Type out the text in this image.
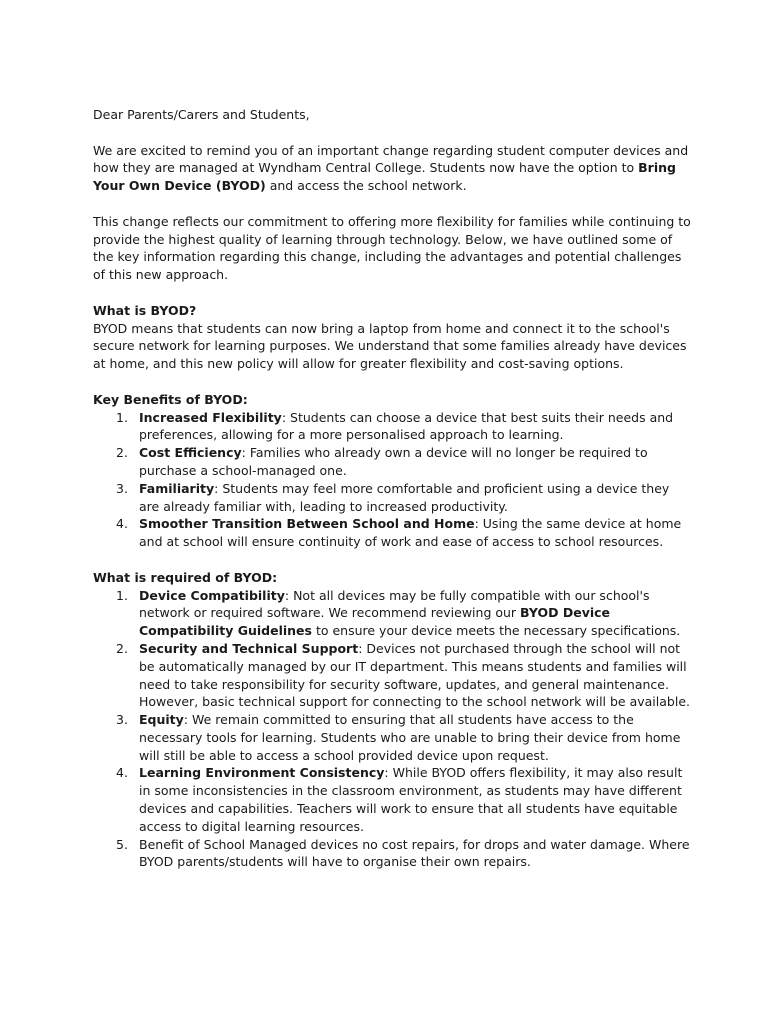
Dear Parents/Carers and Students,

We are excited to remind you of an important change regarding student computer devices and how they are managed at Wyndham Central College. Students now have the option to Bring Your Own Device (BYOD) and access the school network.

This change reflects our commitment to offering more flexibility for families while continuing to provide the highest quality of learning through technology. Below, we have outlined some of the key information regarding this change, including the advantages and potential challenges of this new approach.

What is BYOD?

BYOD means that students can now bring a laptop from home and connect it to the school's secure network for learning purposes. We understand that some families already have devices at home, and this new policy will allow for greater flexibility and cost-saving options.

Key Benefits of BYOD:
1. Increased Flexibility: Students can choose a device that best suits their needs and preferences, allowing for a more personalised approach to learning.
2. Cost Efficiency: Families who already own a device will no longer be required to purchase a school-managed one.
3. Familiarity: Students may feel more comfortable and proficient using a device they are already familiar with, leading to increased productivity.
4. Smoother Transition Between School and Home: Using the same device at home and at school will ensure continuity of work and ease of access to school resources.
What is required of BYOD:
1. Device Compatibility: Not all devices may be fully compatible with our school's network or required software. We recommend reviewing our BYOD Device Compatibility Guidelines to ensure your device meets the necessary specifications.
2. Security and Technical Support: Devices not purchased through the school will not be automatically managed by our IT department. This means students and families will need to take responsibility for security software, updates, and general maintenance. However, basic technical support for connecting to the school network will be available.
3. Equity: We remain committed to ensuring that all students have access to the necessary tools for learning. Students who are unable to bring their device from home will still be able to access a school provided device upon request.
4. Learning Environment Consistency: While BYOD offers flexibility, it may also result in some inconsistencies in the classroom environment, as students may have different devices and capabilities. Teachers will work to ensure that all students have equitable access to digital learning resources.
5. Benefit of School Managed devices no cost repairs, for drops and water damage. Where BYOD parents/students will have to organise their own repairs.
